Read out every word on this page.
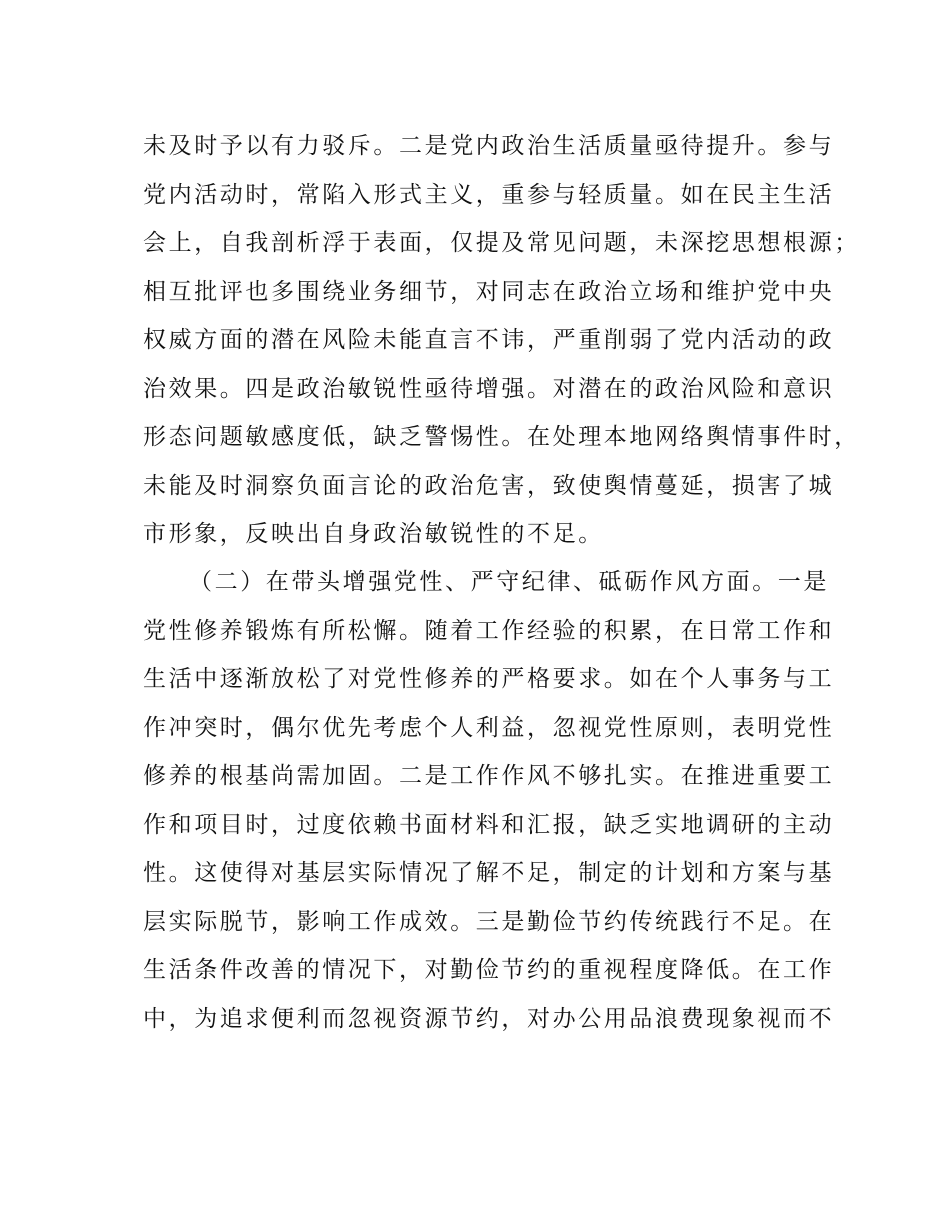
未及时予以有力驳斥。二是党内政治生活质量亟待提升。参与
党内活动时，常陷入形式主义，重参与轻质量。如在民主生活
会上，自我剖析浮于表面，仅提及常见问题，未深挖思想根源；
相互批评也多围绕业务细节，对同志在政治立场和维护党中央
权威方面的潜在风险未能直言不讳，严重削弱了党内活动的政
治效果。四是政治敏锐性亟待增强。对潜在的政治风险和意识
形态问题敏感度低，缺乏警惕性。在处理本地网络舆情事件时，
未能及时洞察负面言论的政治危害，致使舆情蔓延，损害了城
市形象，反映出自身政治敏锐性的不足。
（二）在带头增强党性、严守纪律、砥砺作风方面。一是
党性修养锻炼有所松懈。随着工作经验的积累，在日常工作和
生活中逐渐放松了对党性修养的严格要求。如在个人事务与工
作冲突时，偶尔优先考虑个人利益，忽视党性原则，表明党性
修养的根基尚需加固。二是工作作风不够扎实。在推进重要工
作和项目时，过度依赖书面材料和汇报，缺乏实地调研的主动
性。这使得对基层实际情况了解不足，制定的计划和方案与基
层实际脱节，影响工作成效。三是勤俭节约传统践行不足。在
生活条件改善的情况下，对勤俭节约的重视程度降低。在工作
中，为追求便利而忽视资源节约，对办公用品浪费现象视而不
